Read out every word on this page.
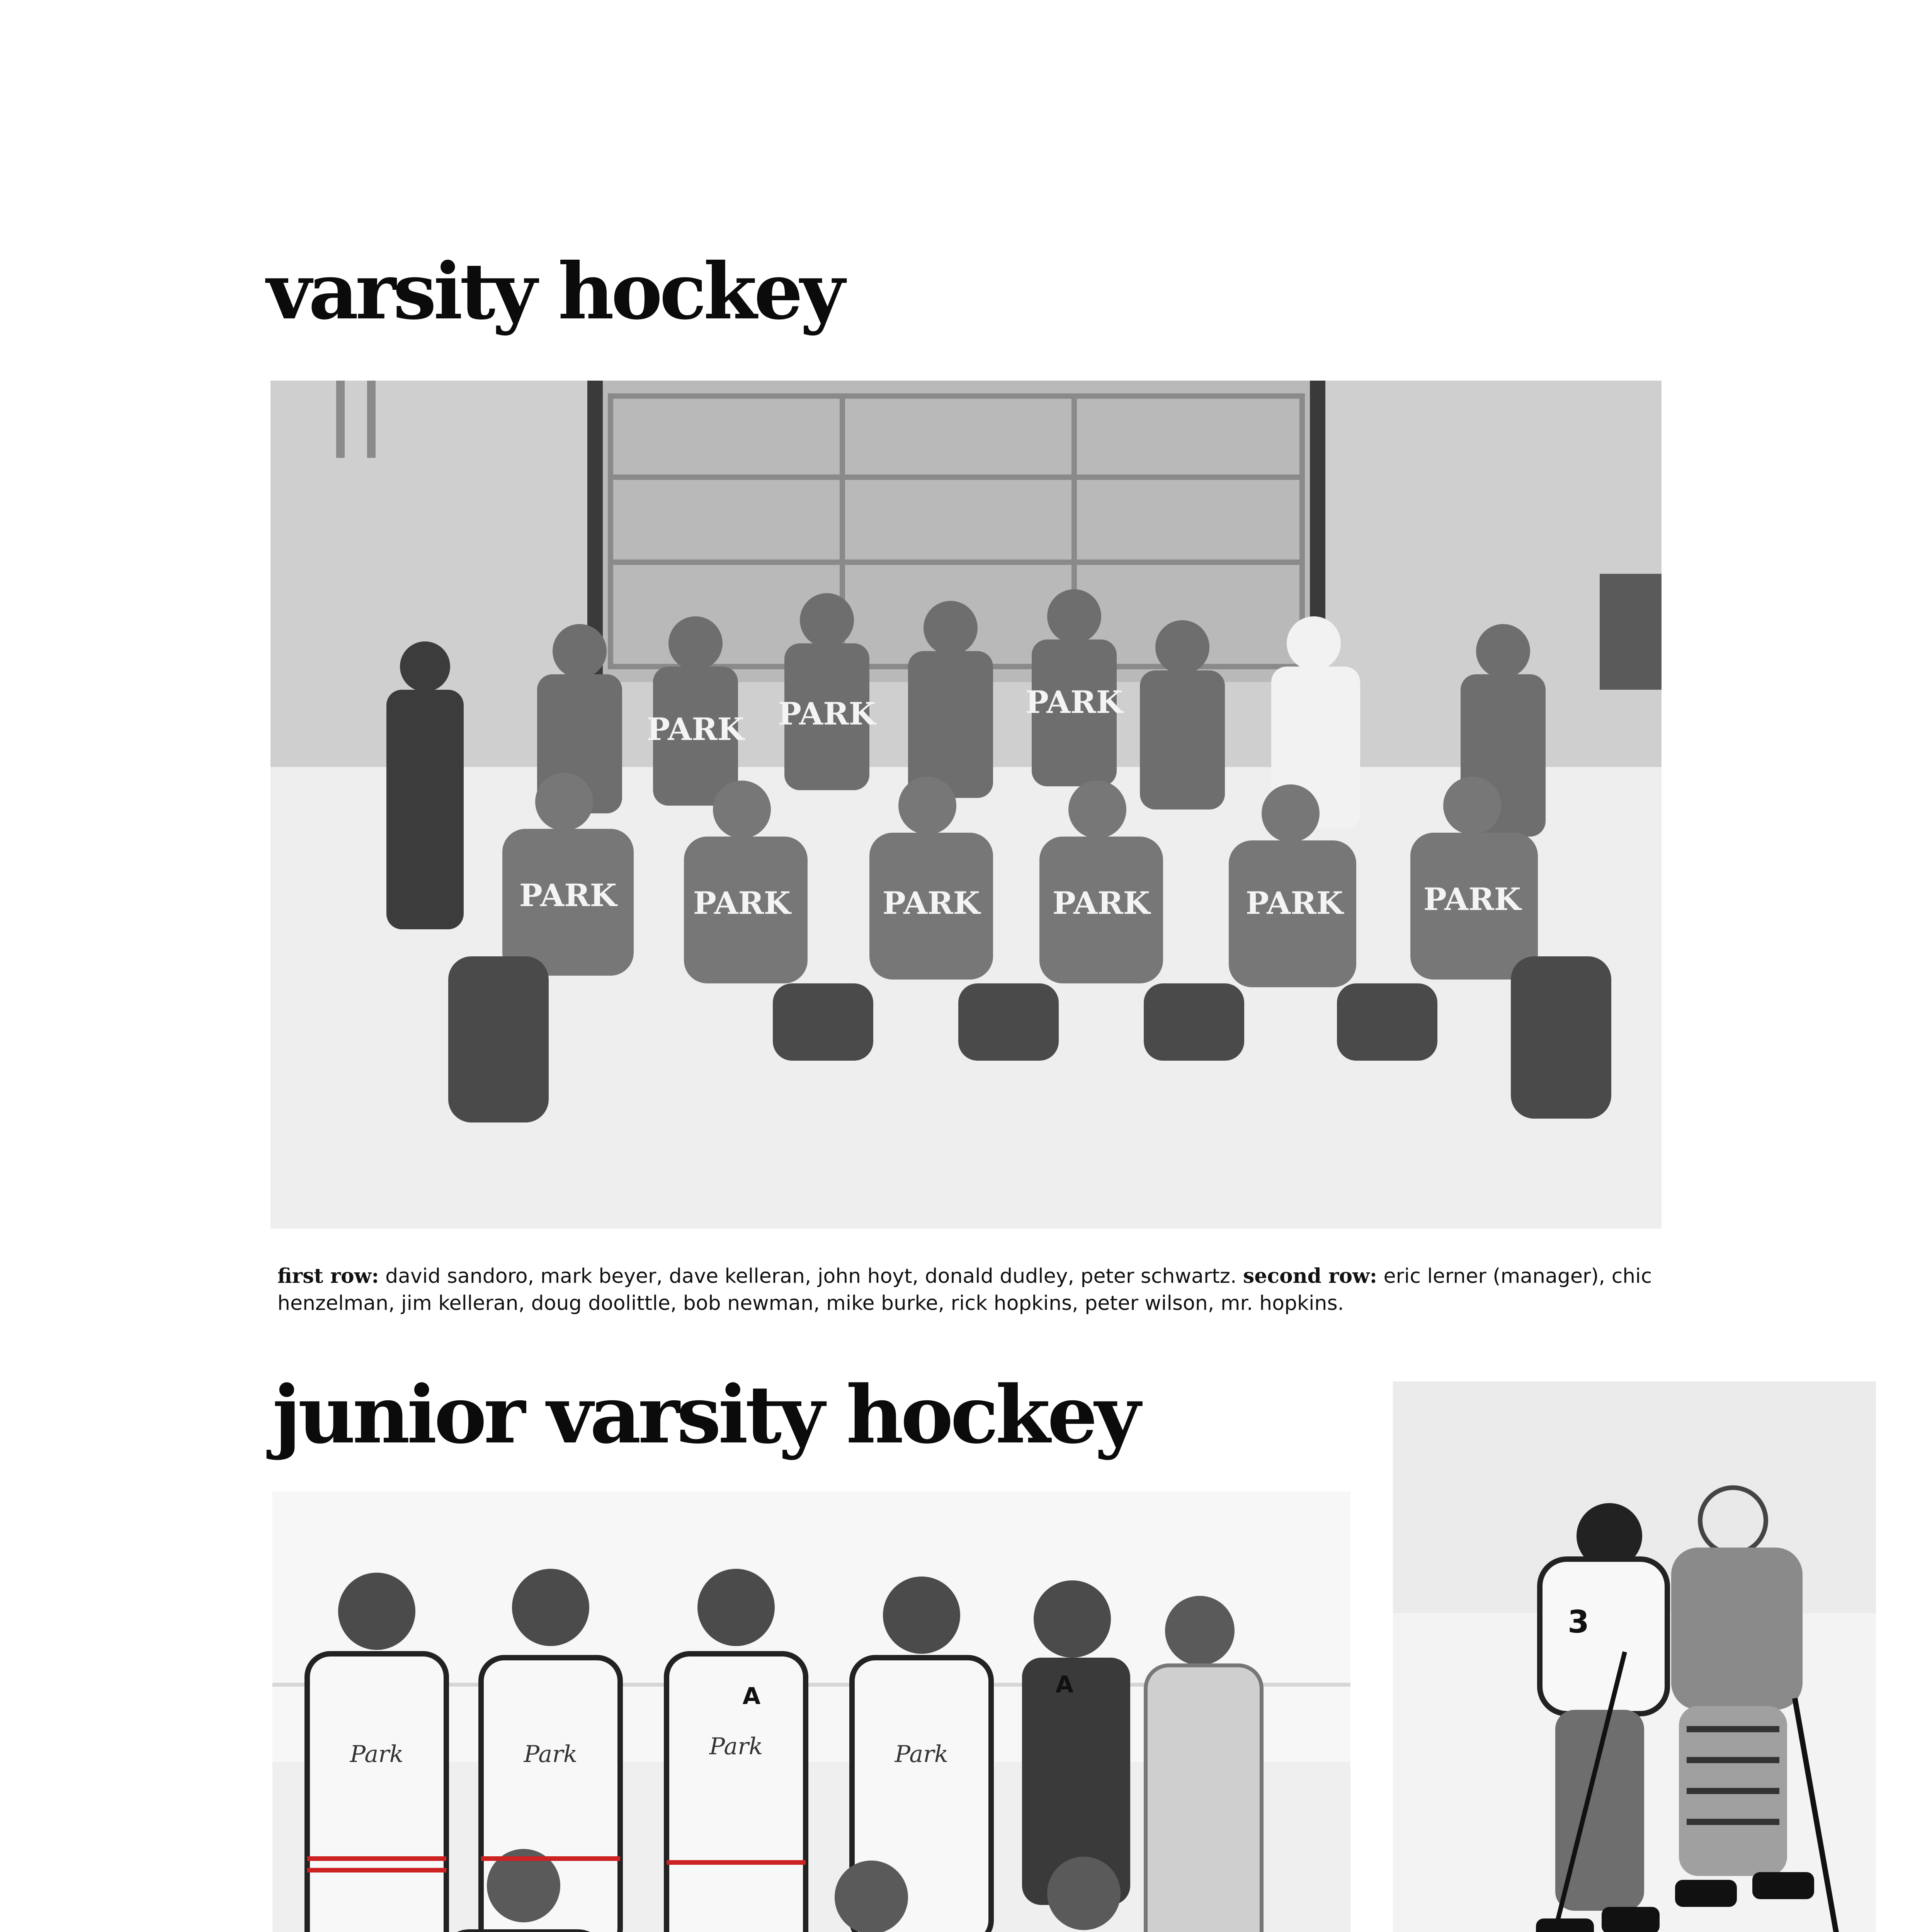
varsity hockey
PARK PARK	PARK
PARK PARK	PARK PARK	PARK	PARK

first row: david sandoro, mark beyer, dave kelleran, john hoyt, donald dudley, peter schwartz. second row: eric lerner (manager), chic henzelman, jim kelleran, doug doolittle, bob newman, mike burke, rick hopkins, peter wilson, mr. hopkins.

junior varsity hockey
Park	Park	Park	Park
A	A
3
